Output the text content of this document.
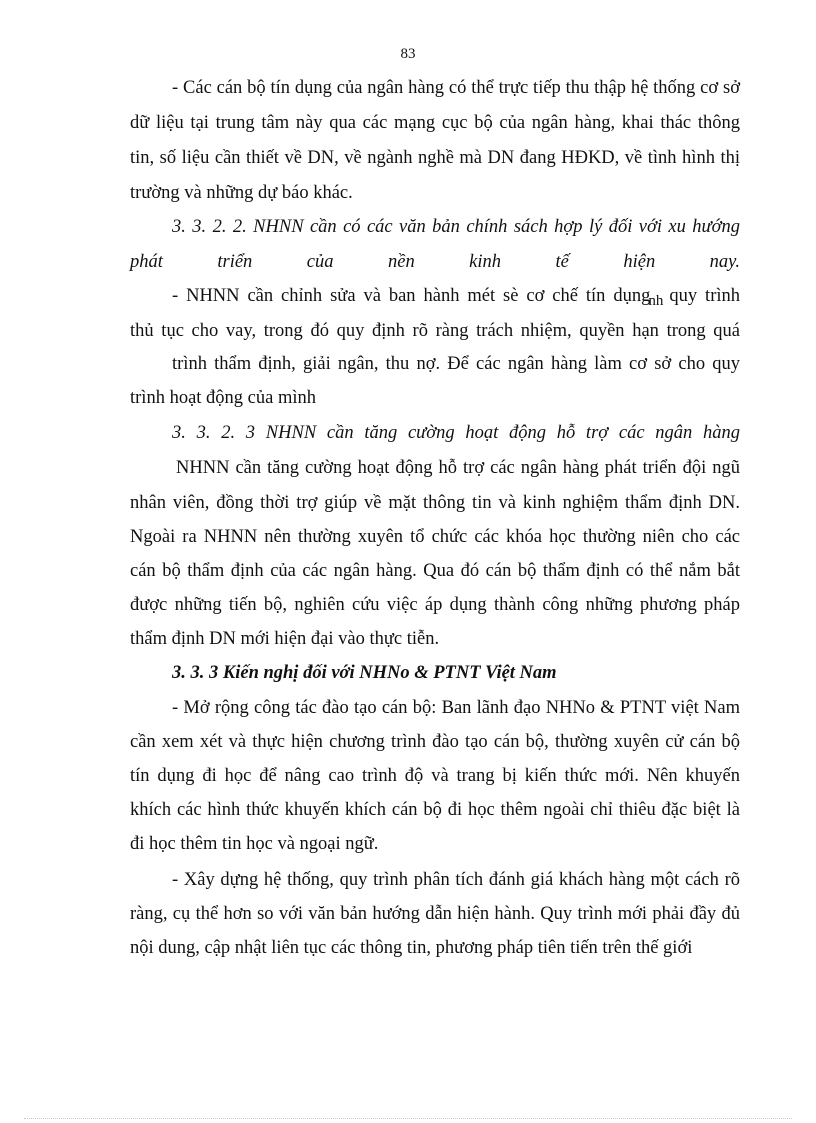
83
- Các cán bộ tín dụng của ngân hàng có thể trực tiếp thu thập hệ thống cơ sở
dữ liệu tại trung tâm này qua các mạng cục bộ của ngân hàng, khai thác thông
tin, số liệu cần thiết về DN, về ngành nghề mà DN đang HĐKD, về tình hình thị
trường và những dự báo khác.
3. 3. 2. 2. NHNN cần có các văn bản chính sách hợp lý đối với xu hướng
phát triển của nền kinh tế hiện nay.
- NHNN cần chỉnh sửa và ban hành mét sè cơ chế tín dụng$_{nh}$ quy trình
thủ tục cho vay, trong đó quy định rõ ràng trách nhiệm, quyền hạn trong quá
trình thẩm định, giải ngân, thu nợ. Để các ngân hàng làm cơ sở cho quy
trình hoạt động của mình
3. 3. 2. 3 NHNN cần tăng cường hoạt động hỗ trợ các ngân hàng
NHNN cần tăng cường hoạt động hỗ trợ các ngân hàng phát triển đội ngũ
nhân viên, đồng thời trợ giúp về mặt thông tin và kinh nghiệm thẩm định DN.
Ngoài ra NHNN nên thường xuyên tổ chức các khóa học thường niên cho các
cán bộ thẩm định của các ngân hàng. Qua đó cán bộ thẩm định có thể nắm bắt
được những tiến bộ, nghiên cứu việc áp dụng thành công những phương pháp
thẩm định DN mới hiện đại vào thực tiễn.
3. 3. 3 Kiến nghị đối với NHNo & PTNT Việt Nam
- Mở rộng công tác đào tạo cán bộ: Ban lãnh đạo NHNo & PTNT việt Nam
cần xem xét và thực hiện chương trình đào tạo cán bộ, thường xuyên cử cán bộ
tín dụng đi học để nâng cao trình độ và trang bị kiến thức mới. Nên khuyến
khích các hình thức khuyến khích cán bộ đi học thêm ngoài chỉ thiêu đặc biệt là
đi học thêm tin học và ngoại ngữ.
- Xây dựng hệ thống, quy trình phân tích đánh giá khách hàng một cách rõ
ràng, cụ thể hơn so với văn bản hướng dẫn hiện hành. Quy trình mới phải đầy đủ
nội dung, cập nhật liên tục các thông tin, phương pháp tiên tiến trên thế giới
